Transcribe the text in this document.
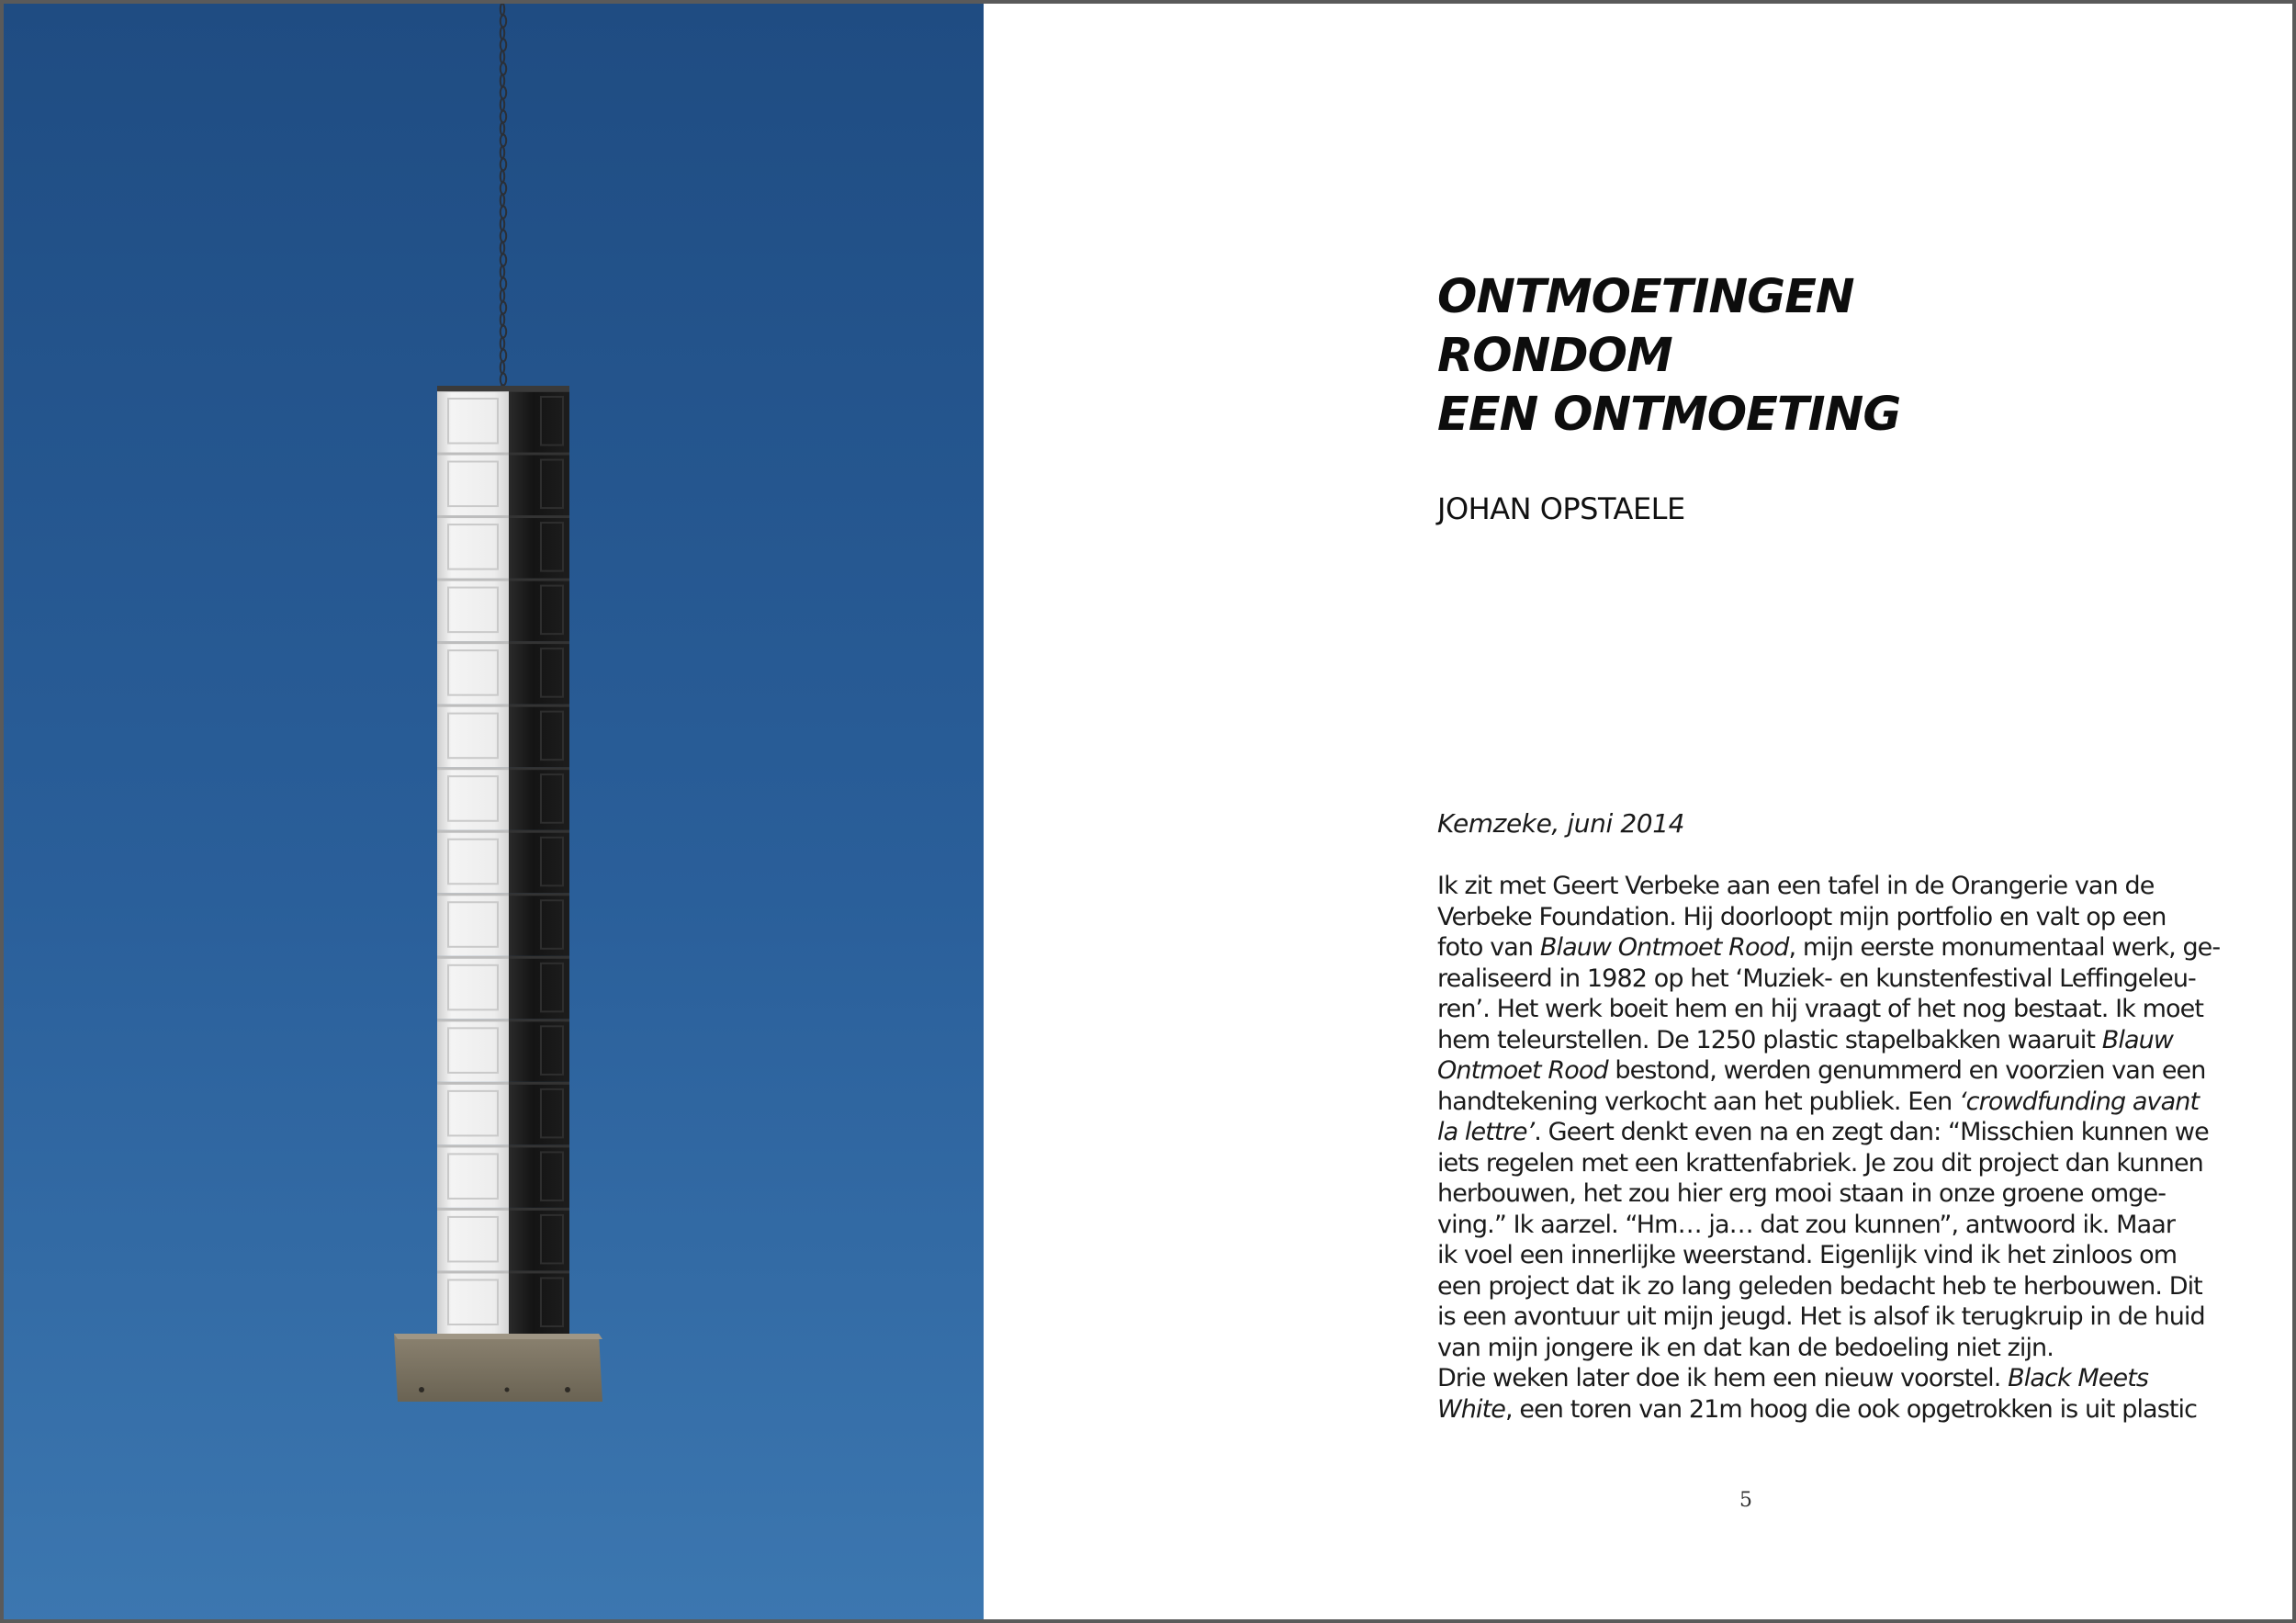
ONTMOETINGEN
RONDOM
EEN ONTMOETING

JOHAN OPSTAELE

Kemzeke, juni 2014

Ik zit met Geert Verbeke aan een tafel in de Orangerie van de
Verbeke Foundation. Hij doorloopt mijn portfolio en valt op een
foto van Blauw Ontmoet Rood, mijn eerste monumentaal werk, ge-
realiseerd in 1982 op het ‘Muziek- en kunstenfestival Leffingeleu-
ren’. Het werk boeit hem en hij vraagt of het nog bestaat. Ik moet
hem teleurstellen. De 1250 plastic stapelbakken waaruit Blauw
Ontmoet Rood bestond, werden genummerd en voorzien van een
handtekening verkocht aan het publiek. Een ‘crowdfunding avant
la lettre’. Geert denkt even na en zegt dan: “Misschien kunnen we
iets regelen met een krattenfabriek. Je zou dit project dan kunnen
herbouwen, het zou hier erg mooi staan in onze groene omge-
ving.” Ik aarzel. “Hm… ja… dat zou kunnen”, antwoord ik. Maar
ik voel een innerlijke weerstand. Eigenlijk vind ik het zinloos om
een project dat ik zo lang geleden bedacht heb te herbouwen. Dit
is een avontuur uit mijn jeugd. Het is alsof ik terugkruip in de huid
van mijn jongere ik en dat kan de bedoeling niet zijn.
Drie weken later doe ik hem een nieuw voorstel. Black Meets
White, een toren van 21m hoog die ook opgetrokken is uit plastic
5
